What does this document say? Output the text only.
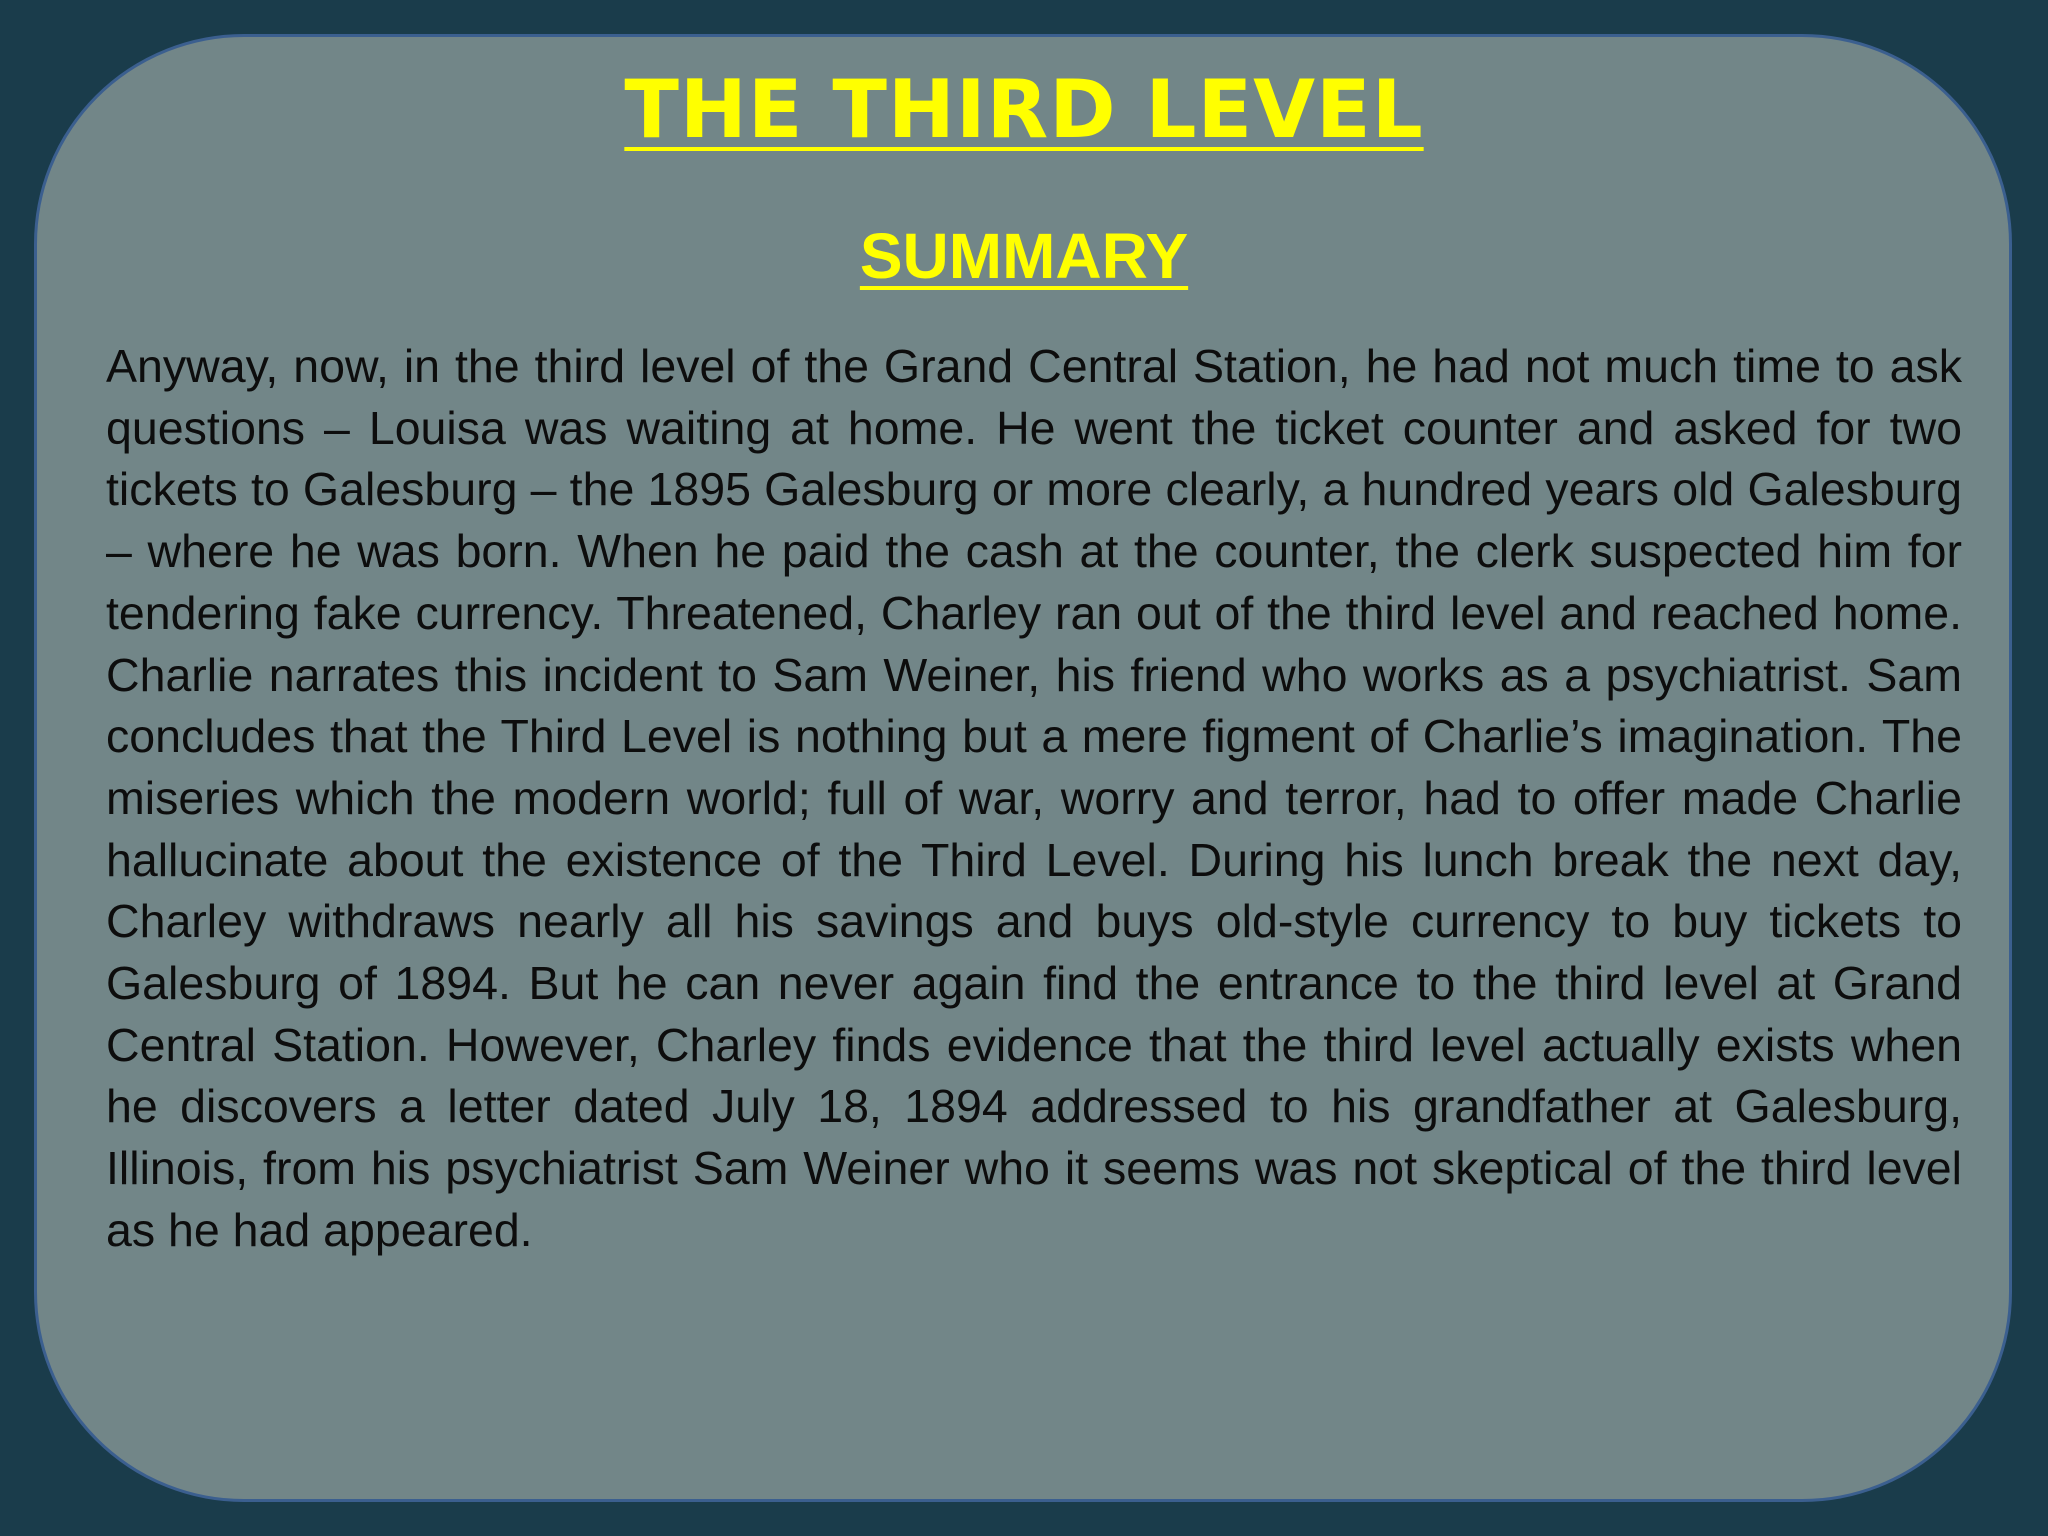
THE THIRD LEVEL
SUMMARY

Anyway, now, in the third level of the Grand Central Station, he had not much time to ask questions – Louisa was waiting at home. He went the ticket counter and asked for two tickets to Galesburg – the 1895 Galesburg or more clearly, a hundred years old Galesburg – where he was born. When he paid the cash at the counter, the clerk suspected him for tendering fake currency. Threatened, Charley ran out of the third level and reached home. Charlie narrates this incident to Sam Weiner, his friend who works as a psychiatrist. Sam concludes that the Third Level is nothing but a mere figment of Charlie’s imagination. The miseries which the modern world; full of war, worry and terror, had to offer made Charlie hallucinate about the existence of the Third Level. During his lunch break the next day, Charley withdraws nearly all his savings and buys old-style currency to buy tickets to Galesburg of 1894. But he can never again find the entrance to the third level at Grand Central Station. However, Charley finds evidence that the third level actually exists when he discovers a letter dated July 18, 1894 addressed to his grandfather at Galesburg, Illinois, from his psychiatrist Sam Weiner who it seems was not skeptical of the third level as he had appeared.
